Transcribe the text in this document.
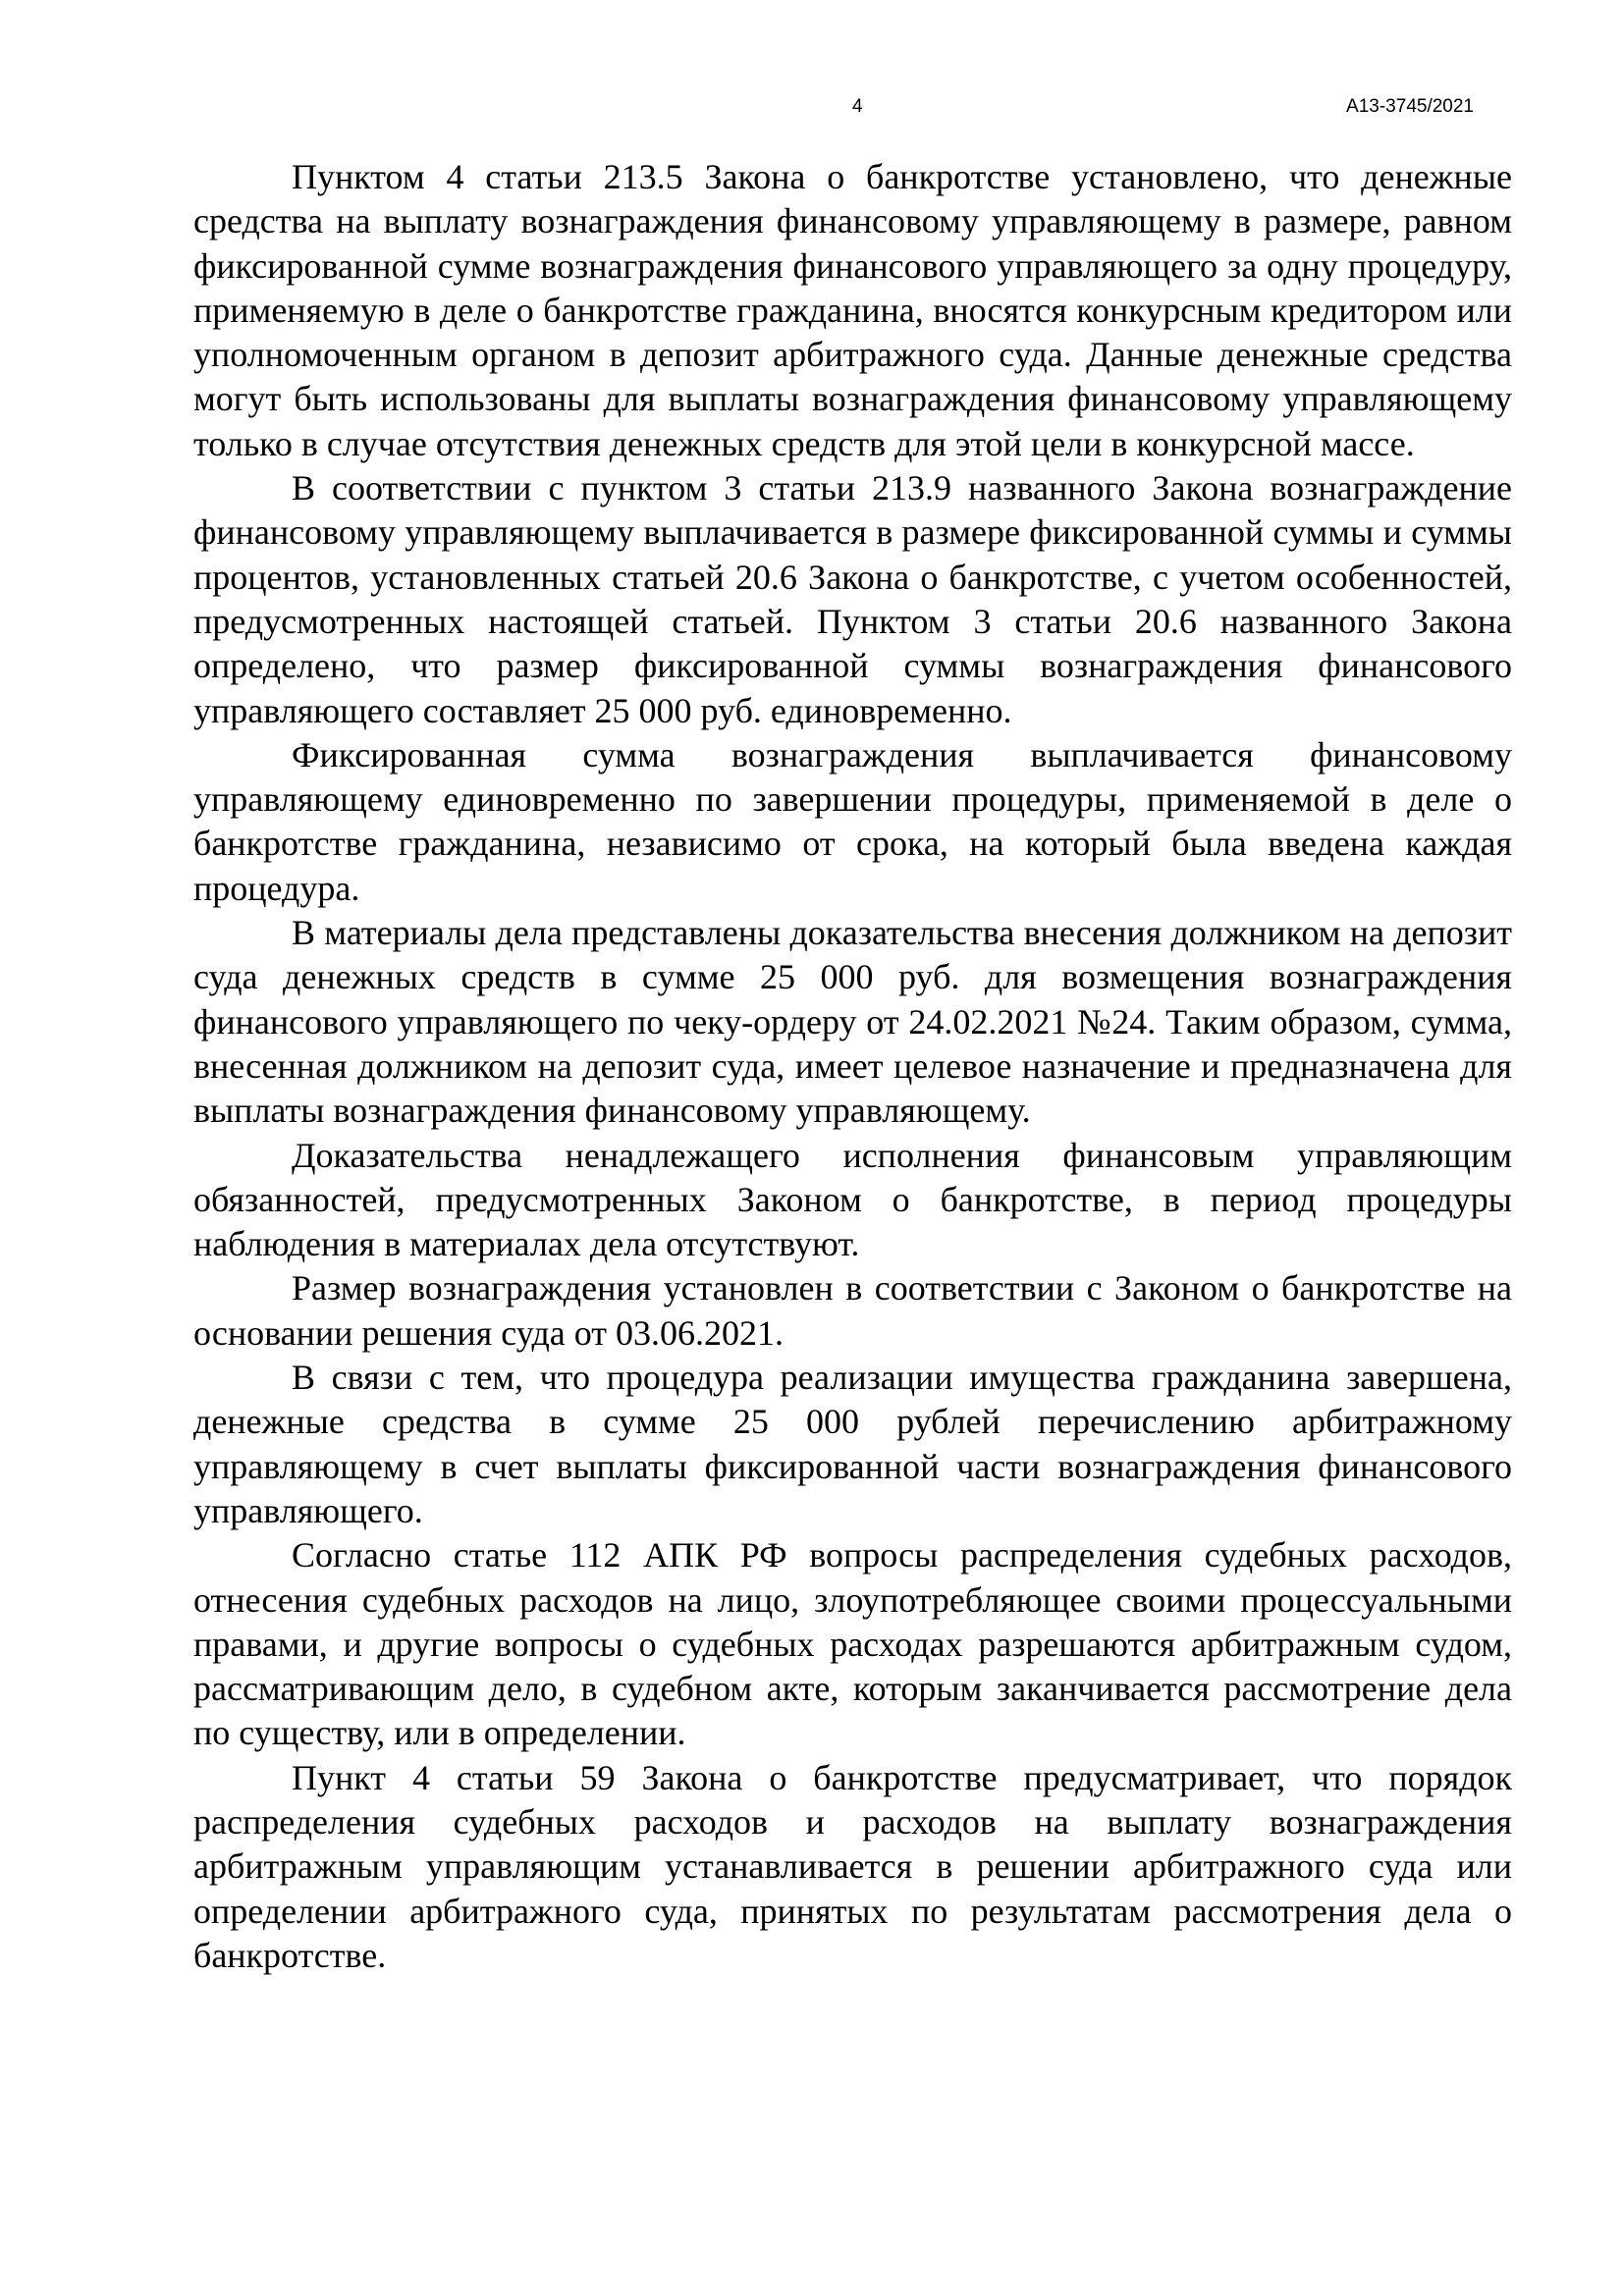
4	А13-3745/2021

Пунктом 4 статьи 213.5 Закона о банкротстве установлено, что денежные средства на выплату вознаграждения финансовому управляющему в размере, равном фиксированной сумме вознаграждения финансового управляющего за одну процедуру, применяемую в деле о банкротстве гражданина, вносятся конкурсным кредитором или уполномоченным органом в депозит арбитражного суда. Данные денежные средства могут быть использованы для выплаты вознаграждения финансовому управляющему только в случае отсутствия денежных средств для этой цели в конкурсной массе.

В соответствии с пунктом 3 статьи 213.9 названного Закона вознаграждение финансовому управляющему выплачивается в размере фиксированной суммы и суммы процентов, установленных статьей 20.6 Закона о банкротстве, с учетом особенностей, предусмотренных настоящей статьей. Пунктом 3 статьи 20.6 названного Закона определено, что размер фиксированной суммы вознаграждения финансового управляющего составляет 25 000 руб. единовременно.

Фиксированная сумма вознаграждения выплачивается финансовому управляющему единовременно по завершении процедуры, применяемой в деле о банкротстве гражданина, независимо от срока, на который была введена каждая процедура.

В материалы дела представлены доказательства внесения должником на депозит суда денежных средств в сумме 25 000 руб. для возмещения вознаграждения финансового управляющего по чеку-ордеру от 24.02.2021 №24. Таким образом, сумма, внесенная должником на депозит суда, имеет целевое назначение и предназначена для выплаты вознаграждения финансовому управляющему.

Доказательства ненадлежащего исполнения финансовым управляющим обязанностей, предусмотренных Законом о банкротстве, в период процедуры наблюдения в материалах дела отсутствуют.

Размер вознаграждения установлен в соответствии с Законом о банкротстве на основании решения суда от 03.06.2021.

В связи с тем, что процедура реализации имущества гражданина завершена, денежные средства в сумме 25 000 рублей перечислению арбитражному управляющему в счет выплаты фиксированной части вознаграждения финансового управляющего.

Согласно статье 112 АПК РФ вопросы распределения судебных расходов, отнесения судебных расходов на лицо, злоупотребляющее своими процессуальными правами, и другие вопросы о судебных расходах разрешаются арбитражным судом, рассматривающим дело, в судебном акте, которым заканчивается рассмотрение дела по существу, или в определении.

Пункт 4 статьи 59 Закона о банкротстве предусматривает, что порядок распределения судебных расходов и расходов на выплату вознаграждения арбитражным управляющим устанавливается в решении арбитражного суда или определении арбитражного суда, принятых по результатам рассмотрения дела о банкротстве.
